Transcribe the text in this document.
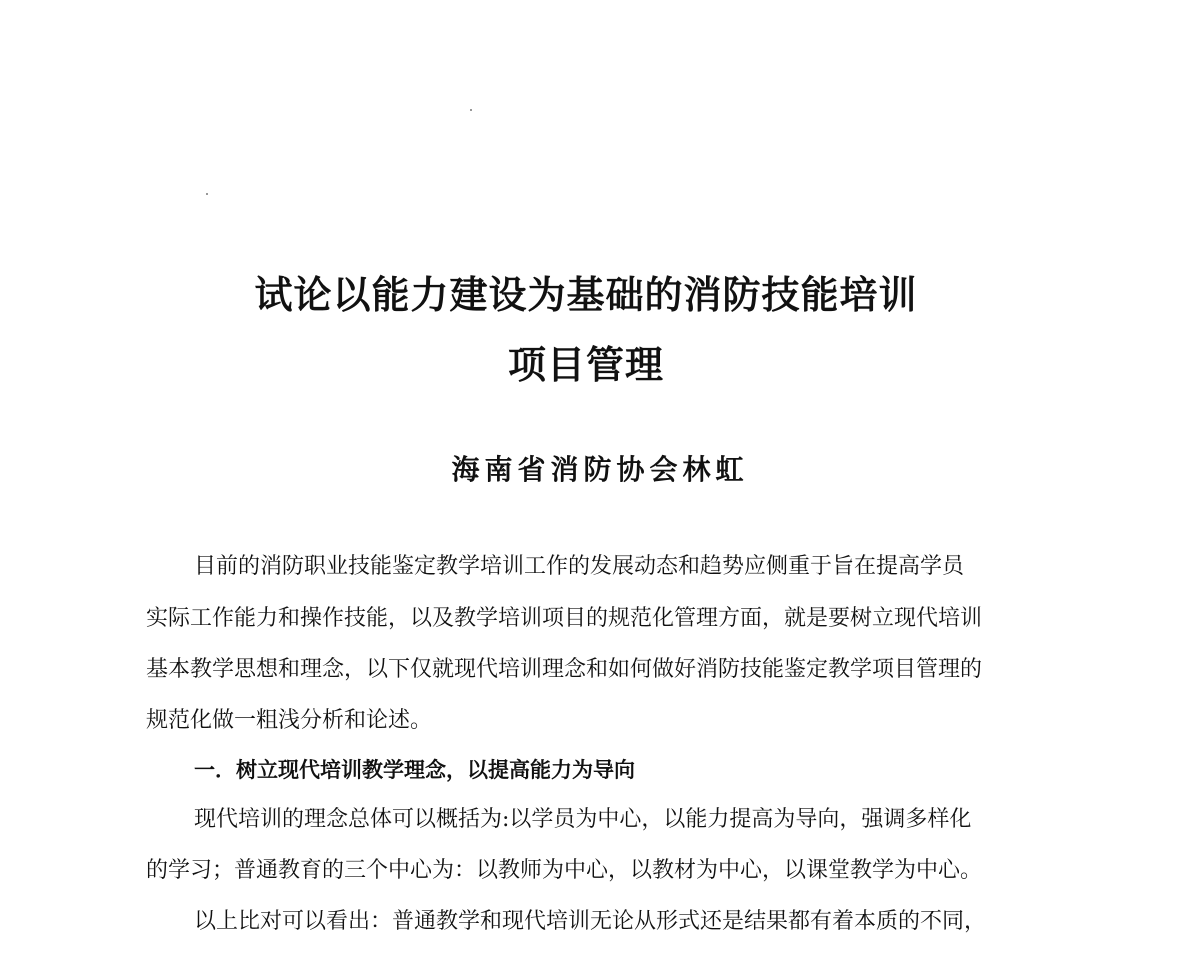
试论以能力建设为基础的消防技能培训
项目管理
海南省消防协会林虹
目前的消防职业技能鉴定教学培训工作的发展动态和趋势应侧重于旨在提高学员
实际工作能力和操作技能，以及教学培训项目的规范化管理方面，就是要树立现代培训
基本教学思想和理念，以下仅就现代培训理念和如何做好消防技能鉴定教学项目管理的
规范化做一粗浅分析和论述。
一．树立现代培训教学理念，以提高能力为导向
现代培训的理念总体可以概括为:以学员为中心，以能力提高为导向，强调多样化
的学习；普通教育的三个中心为：以教师为中心，以教材为中心，以课堂教学为中心。
以上比对可以看出：普通教学和现代培训无论从形式还是结果都有着本质的不同，
